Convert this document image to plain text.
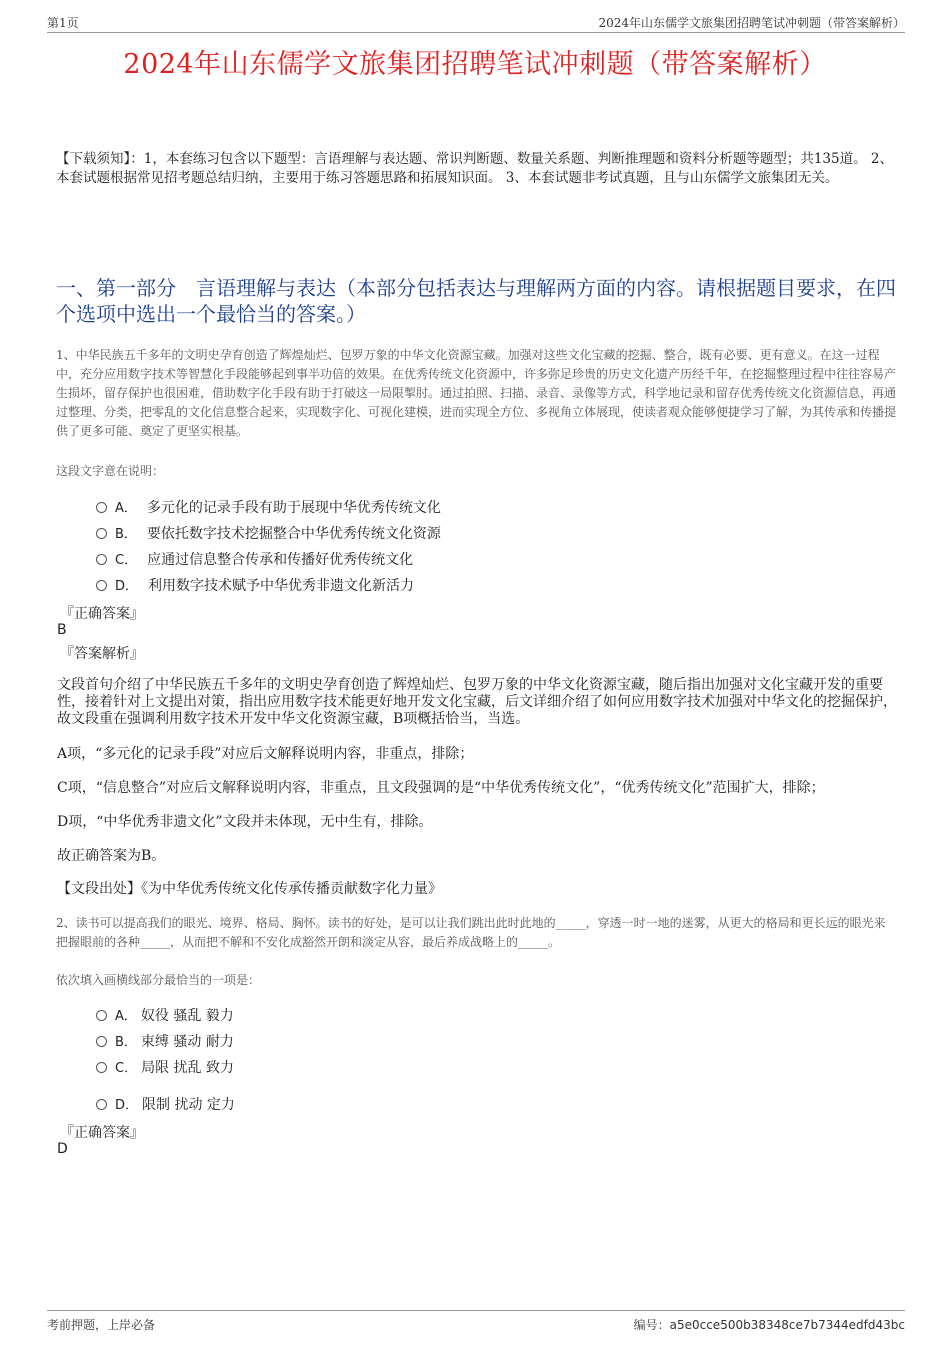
第1页	2024年山东儒学文旅集团招聘笔试冲刺题（带答案解析）
2024年山东儒学文旅集团招聘笔试冲刺题（带答案解析）
【下载须知】：1，本套练习包含以下题型：言语理解与表达题、常识判断题、数量关系题、判断推理题和资料分析题等题型；共135道。 2、本套试题根据常见招考题总结归纳，主要用于练习答题思路和拓展知识面。 3、本套试题非考试真题，且与山东儒学文旅集团无关。
一、第一部分　言语理解与表达（本部分包括表达与理解两方面的内容。请根据题目要求，在四个选项中选出一个最恰当的答案。）
1、中华民族五千多年的文明史孕育创造了辉煌灿烂、包罗万象的中华文化资源宝藏。加强对这些文化宝藏的挖掘、整合，既有必要、更有意义。在这一过程中，充分应用数字技术等智慧化手段能够起到事半功倍的效果。在优秀传统文化资源中，许多弥足珍贵的历史文化遗产历经千年，在挖掘整理过程中往往容易产生损坏，留存保护也很困难，借助数字化手段有助于打破这一局限掣肘。通过拍照、扫描、录音、录像等方式，科学地记录和留存优秀传统文化资源信息，再通过整理、分类，把零乱的文化信息整合起来，实现数字化、可视化建模，进而实现全方位、多视角立体展现，使读者观众能够便捷学习了解，为其传承和传播提供了更多可能、奠定了更坚实根基。
这段文字意在说明：
A． 多元化的记录手段有助于展现中华优秀传统文化
B． 要依托数字技术挖掘整合中华优秀传统文化资源
C． 应通过信息整合传承和传播好优秀传统文化
D． 利用数字技术赋予中华优秀非遗文化新活力
『正确答案』
B
『答案解析』
文段首句介绍了中华民族五千多年的文明史孕育创造了辉煌灿烂、包罗万象的中华文化资源宝藏，随后指出加强对文化宝藏开发的重要性，接着针对上文提出对策，指出应用数字技术能更好地开发文化宝藏，后文详细介绍了如何应用数字技术加强对中华文化的挖掘保护，故文段重在强调利用数字技术开发中华文化资源宝藏，B项概括恰当，当选。
A项，“多元化的记录手段”对应后文解释说明内容，非重点，排除；
C项，“信息整合”对应后文解释说明内容，非重点，且文段强调的是“中华优秀传统文化”，“优秀传统文化”范围扩大，排除；
D项，“中华优秀非遗文化”文段并未体现，无中生有，排除。
故正确答案为B。
【文段出处】《为中华优秀传统文化传承传播贡献数字化力量》
2、读书可以提高我们的眼光、境界、格局、胸怀。读书的好处，是可以让我们跳出此时此地的_____，穿透一时一地的迷雾，从更大的格局和更长远的眼光来把握眼前的各种_____，从而把不解和不安化成豁然开朗和淡定从容，最后养成战略上的_____。
依次填入画横线部分最恰当的一项是：
A． 奴役 骚乱 毅力
B． 束缚 骚动 耐力
C． 局限 扰乱 致力
D． 限制 扰动 定力
『正确答案』
D
考前押题，上岸必备	编号：a5e0cce500b38348ce7b7344edfd43bc
